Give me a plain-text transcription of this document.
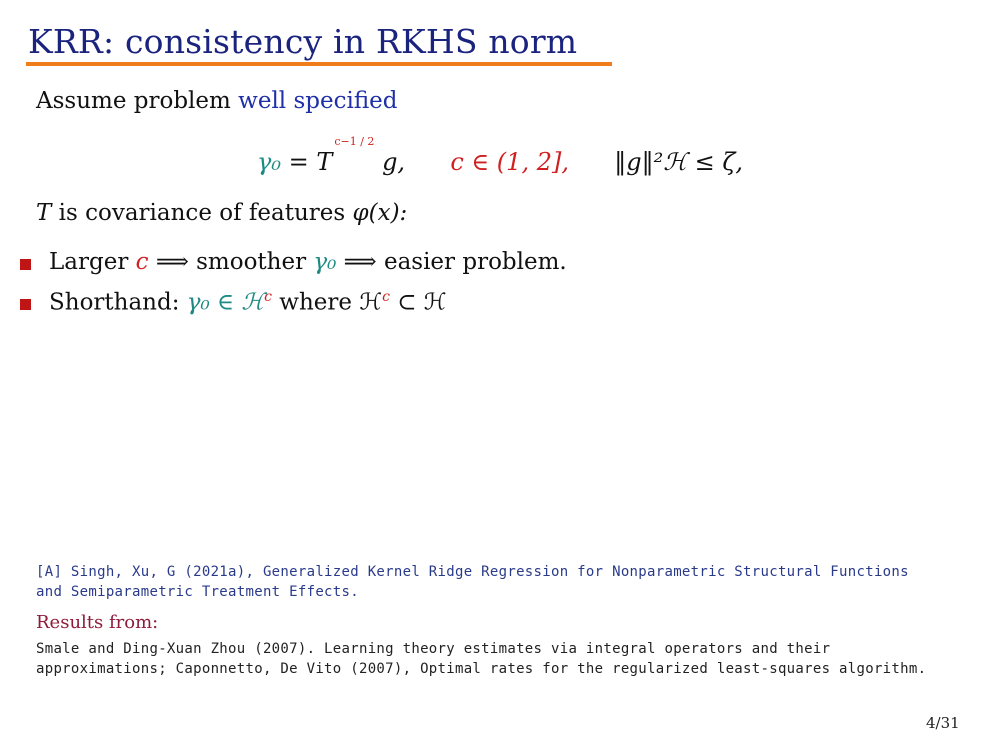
KRR: consistency in RKHS norm
Assume problem well specified
$\gamma_0 = T^{c-1 / 2}$ g, c ∈ (1, 2], ‖g‖²ℋ ≤ ζ,
T is covariance of features φ(x):
Larger c ⟹ smoother γ₀ ⟹ easier problem.
Shorthand: γ₀ ∈ ℋ$^c$ where ℋ$^c$ ⊂ ℋ
[A] Singh, Xu, G (2021a), Generalized Kernel Ridge Regression for Nonparametric Structural Functions
and Semiparametric Treatment Effects.
Results from:
Smale and Ding-Xuan Zhou (2007). Learning theory estimates via integral operators and their
approximations; Caponnetto, De Vito (2007), Optimal rates for the regularized least-squares algorithm.
4/31
